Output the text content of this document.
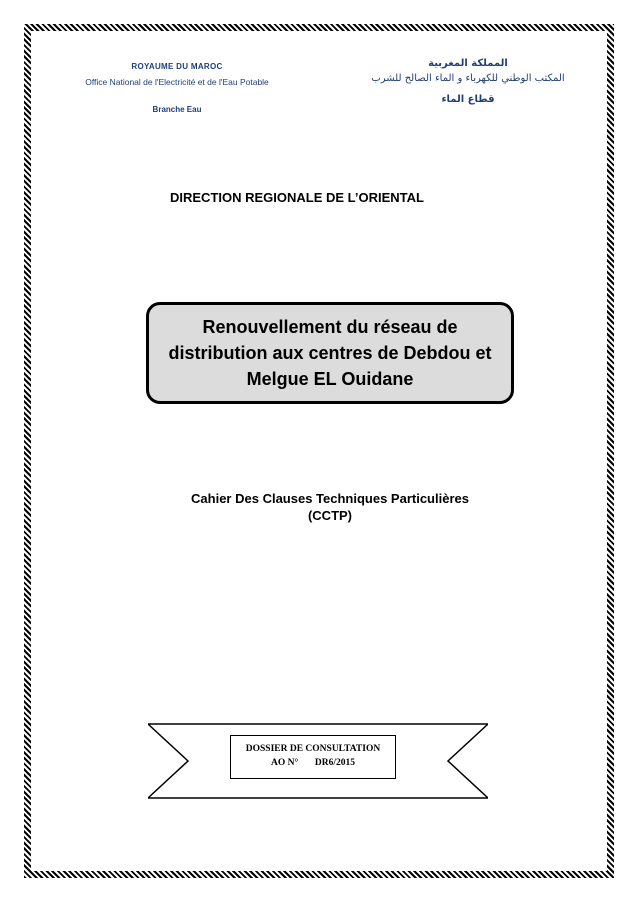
ROYAUME DU MAROC
Office National de l'Electricité et de l'Eau Potable
Branche Eau
المملكة المغربية
المكتب الوطني للكهرباء و الماء الصالح للشرب
قطاع الماء
DIRECTION REGIONALE DE L’ORIENTAL
Renouvellement du réseau de
distribution aux centres de Debdou et
Melgue EL Ouidane
Cahier Des Clauses Techniques Particulières
(CCTP)
DOSSIER DE CONSULTATION
AO N°       DR6/2015
